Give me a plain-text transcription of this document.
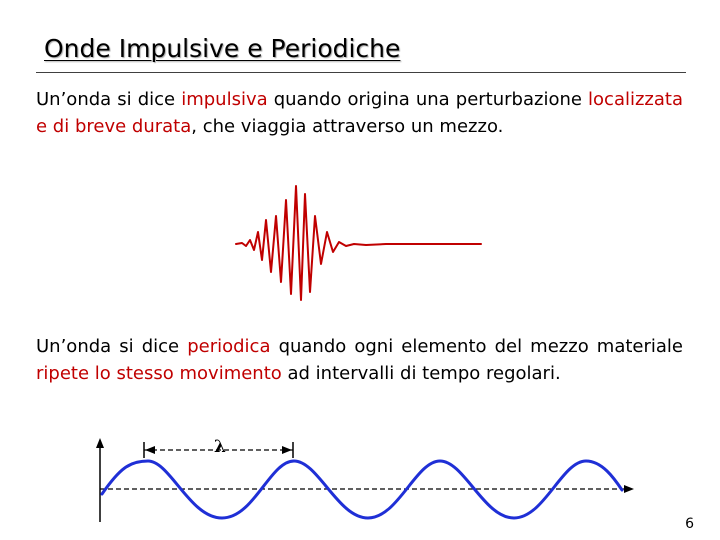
Onde Impulsive e Periodiche

Un’onda si dice impulsiva quando origina una perturbazione localizzata e di breve durata, che viaggia attraverso un mezzo.

Un’onda si dice periodica quando ogni elemento del mezzo materiale ripete lo stesso movimento ad intervalli di tempo regolari.

λ
6
